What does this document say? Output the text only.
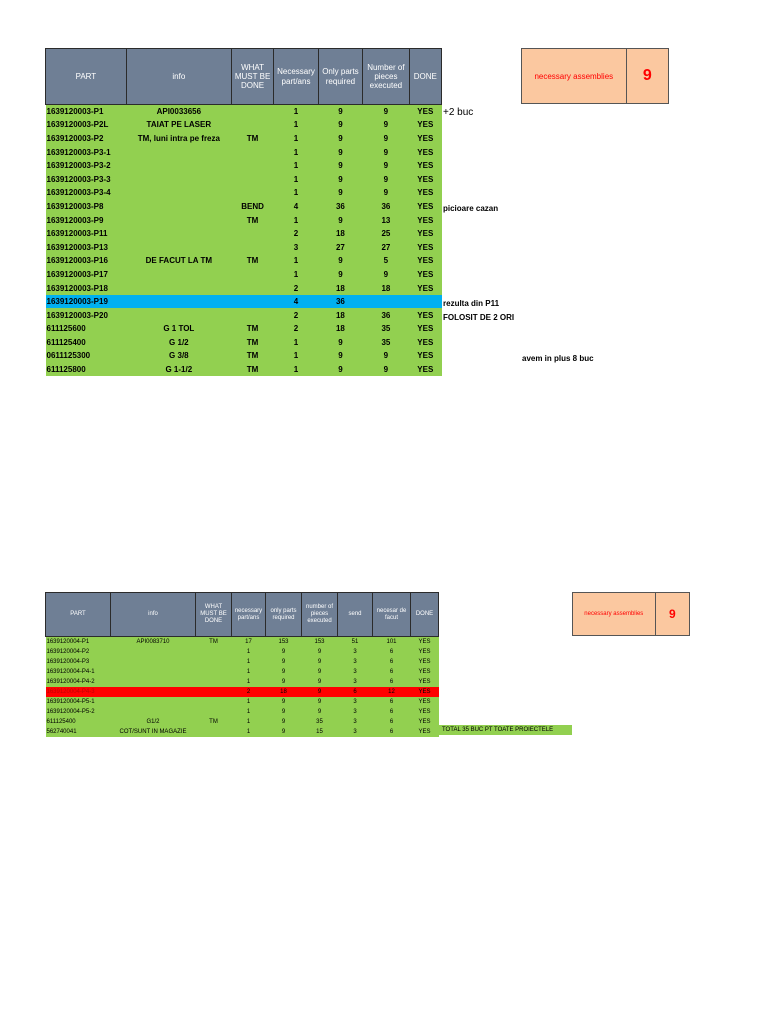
PART	info	WHAT MUST BE DONE	Necessary part/ans	Only parts required	Number of pieces executed	DONE
1639120003-P1	API0033656		1	9	9	YES
1639120003-P2L	TAIAT PE LASER		1	9	9	YES
1639120003-P2	TM, luni intra pe freza	TM	1	9	9	YES
1639120003-P3-1			1	9	9	YES
1639120003-P3-2			1	9	9	YES
1639120003-P3-3			1	9	9	YES
1639120003-P3-4			1	9	9	YES
1639120003-P8		BEND	4	36	36	YES
1639120003-P9		TM	1	9	13	YES
1639120003-P11			2	18	25	YES
1639120003-P13			3	27	27	YES
1639120003-P16	DE FACUT LA TM	TM	1	9	5	YES
1639120003-P17			1	9	9	YES
1639120003-P18			2	18	18	YES
1639120003-P19			4	36		
1639120003-P20			2	18	36	YES
611125600	G 1 TOL	TM	2	18	35	YES
611125400	G 1/2	TM	1	9	35	YES
0611125300	G 3/8	TM	1	9	9	YES
611125800	G 1-1/2	TM	1	9	9	YES
necessary assemblies	9
+2 buc
picioare cazan
rezulta din P11
FOLOSIT DE 2 ORI
avem in plus 8 buc
PART	info	WHAT MUST BE DONE	necessary part/ans	only parts required	number of pieces executed	send	necesar de facut	DONE
1639120004-P1	API0083710	TM	17	153	153	51	101	YES
1639120004-P2			1	9	9	3	6	YES
1639120004-P3			1	9	9	3	6	YES
1639120004-P4-1			1	9	9	3	6	YES
1639120004-P4-2			1	9	9	3	6	YES
1639120004-P4-3			2	18	9	6	12	YES
1639120004-P5-1			1	9	9	3	6	YES
1639120004-P5-2			1	9	9	3	6	YES
611125400	G1/2	TM	1	9	35	3	6	YES
562740041	COT/SUNT IN MAGAZIE		1	9	15	3	6	YES
necessary assemblies	9
TOTAL 35 BUC PT TOATE PROIECTELE
